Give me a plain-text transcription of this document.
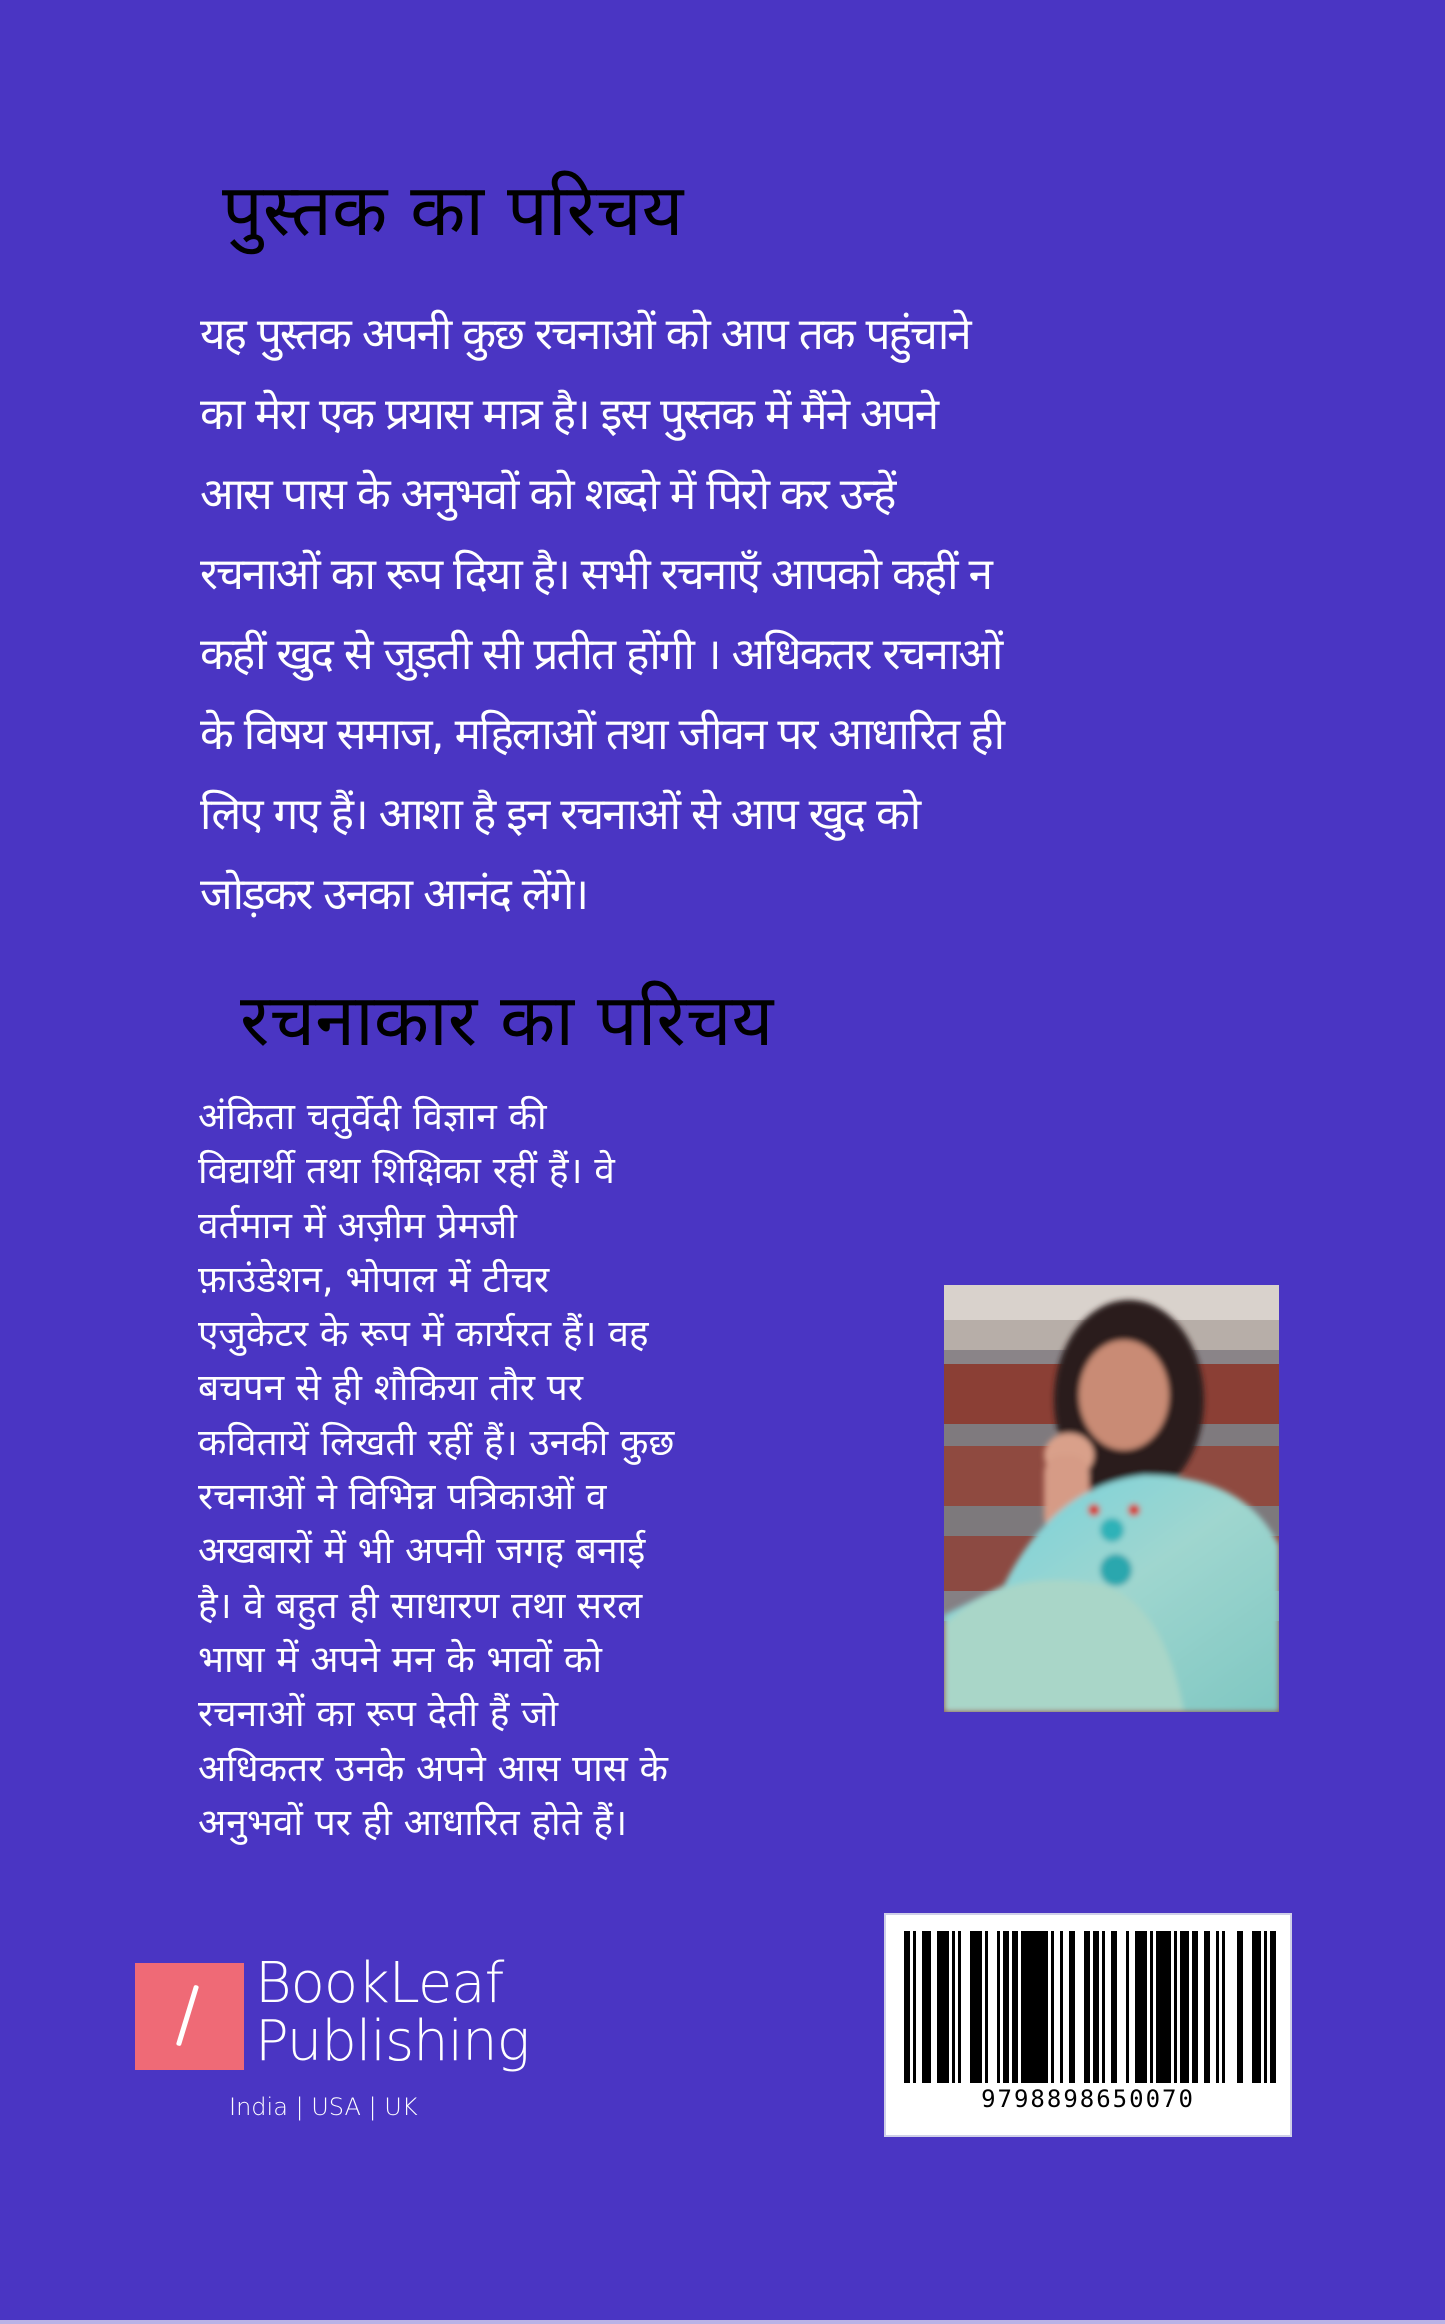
पुस्तक का परिचय
यह पुस्तक अपनी कुछ रचनाओं को आप तक पहुंचाने
का मेरा एक प्रयास मात्र है। इस पुस्तक में मैंने अपने
आस पास के अनुभवों को शब्दो में पिरो कर उन्हें
रचनाओं का रूप दिया है। सभी रचनाएँ आपको कहीं न
कहीं खुद से जुड़ती सी प्रतीत होंगी । अधिकतर रचनाओं
के विषय समाज, महिलाओं तथा जीवन पर आधारित ही
लिए गए हैं। आशा है इन रचनाओं से आप खुद को
जोड़कर उनका आनंद लेंगे।
रचनाकार का परिचय
अंकिता चतुर्वेदी विज्ञान की
विद्यार्थी तथा शिक्षिका रहीं हैं। वे
वर्तमान में अज़ीम प्रेमजी
फ़ाउंडेशन, भोपाल में टीचर
एजुकेटर के रूप में कार्यरत हैं। वह
बचपन से ही शौकिया तौर पर
कवितायें लिखती रहीं हैं। उनकी कुछ
रचनाओं ने विभिन्न पत्रिकाओं व
अखबारों में भी अपनी जगह बनाई
है। वे बहुत ही साधारण तथा सरल
भाषा में अपने मन के भावों को
रचनाओं का रूप देती हैं जो
अधिकतर उनके अपने आस पास के
अनुभवों पर ही आधारित होते हैं।
BookLeaf
Publishing
India | USA | UK	9798898650070
